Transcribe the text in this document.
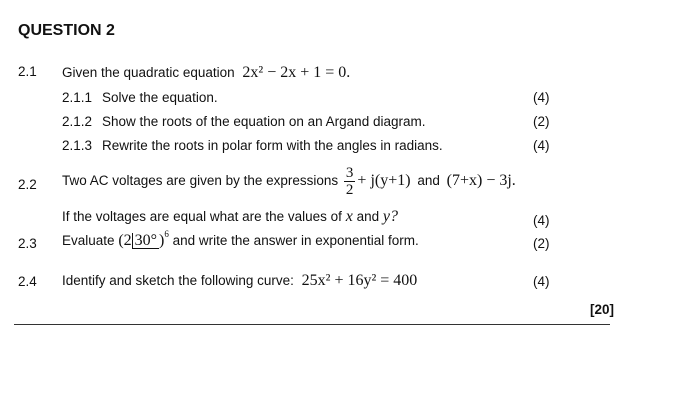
QUESTION 2
2.1 Given the quadratic equation 2x² − 2x + 1 = 0.
2.1.1 Solve the equation.	(4)
2.1.2 Show the roots of the equation on an Argand diagram.	(2)
2.1.3 Rewrite the roots in polar form with the angles in radians.	(4)
2.2 Two AC voltages are given by the expressions $\frac{3}{2} + j(y+1)$ and (7+x) − 3j.
If the voltages are equal what are the values of x and y?	(4)
2.3 Evaluate (2 30° )$^6$ and write the answer in exponential form.	(2)
2.4 Identify and sketch the following curve: 25x² + 16y² = 400	(4)
[20]
